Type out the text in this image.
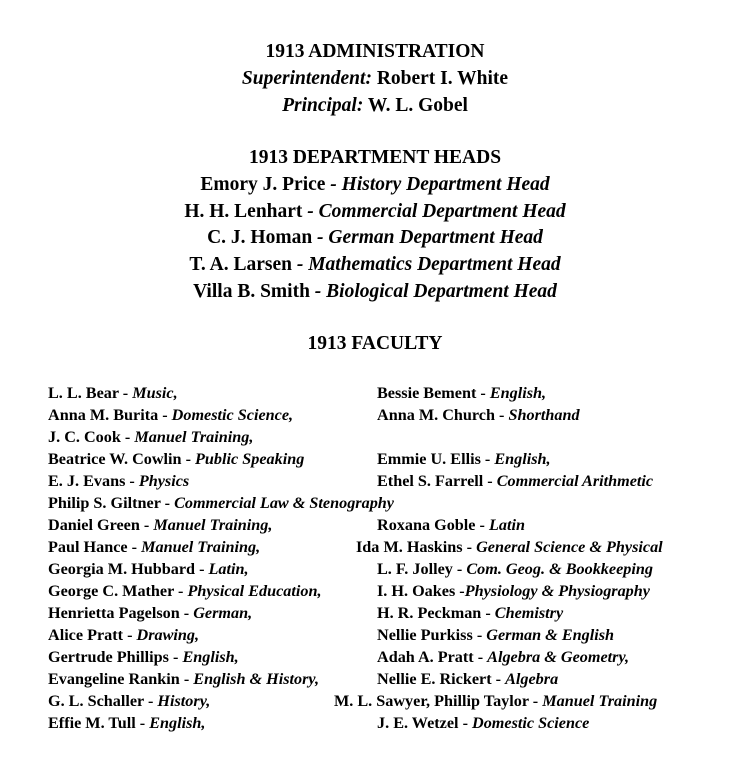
1913 ADMINISTRATION
Superintendent: Robert I. White
Principal: W. L. Gobel
1913 DEPARTMENT HEADS
Emory J. Price - History Department Head
H. H. Lenhart - Commercial Department Head
C. J. Homan - German Department Head
T. A. Larsen - Mathematics Department Head
Villa B. Smith - Biological Department Head
1913 FACULTY
L. L. Bear - Music,
Anna M. Burita - Domestic Science,
J. C. Cook - Manuel Training,
Beatrice W. Cowlin - Public Speaking
E. J. Evans - Physics
Philip S. Giltner - Commercial Law & Stenography
Daniel Green - Manuel Training,
Paul Hance - Manuel Training,
Georgia M. Hubbard - Latin,
George C. Mather - Physical Education,
Henrietta Pagelson - German,
Alice Pratt - Drawing,
Gertrude Phillips - English,
Evangeline Rankin - English & History,
G. L. Schaller - History,
Effie M. Tull - English,
Bessie Bement - English,
Anna M. Church - Shorthand
Emmie U. Ellis - English,
Ethel S. Farrell - Commercial Arithmetic
Roxana Goble - Latin
Ida M. Haskins - General Science & Physical
L. F. Jolley - Com. Geog. & Bookkeeping
I. H. Oakes -Physiology & Physiography
H. R. Peckman - Chemistry
Nellie Purkiss - German & English
Adah A. Pratt - Algebra & Geometry,
Nellie E. Rickert - Algebra
M. L. Sawyer, Phillip Taylor - Manuel Training
J. E. Wetzel - Domestic Science
